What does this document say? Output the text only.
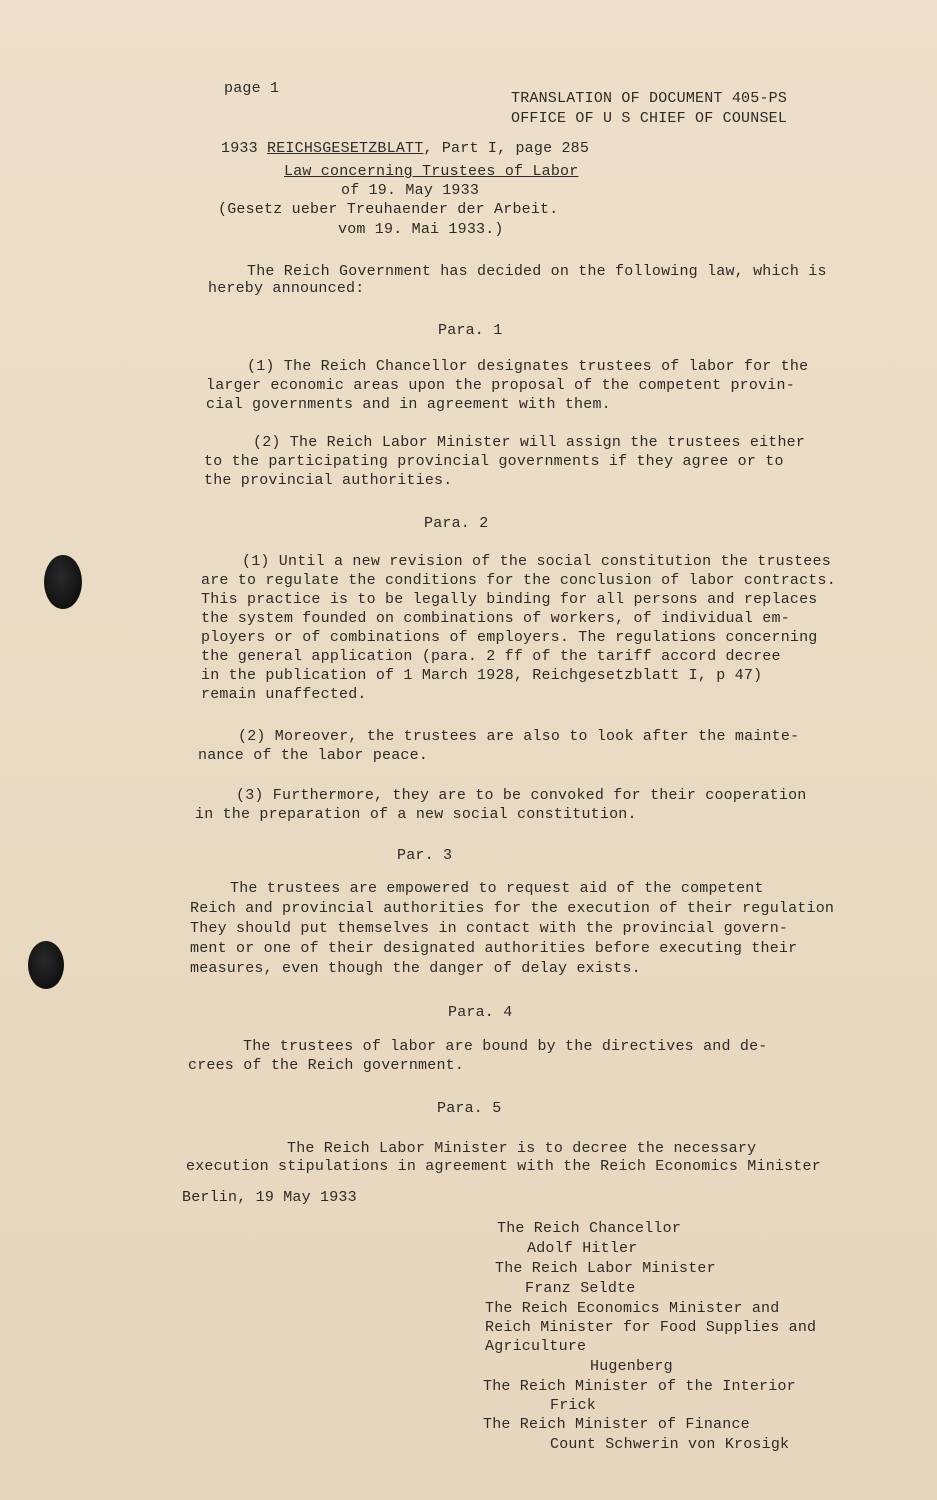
page 1
TRANSLATION OF DOCUMENT 405-PS
OFFICE OF U S CHIEF OF COUNSEL
1933 REICHSGESETZBLATT, Part I, page 285
Law concerning Trustees of Labor
of 19. May 1933
(Gesetz ueber Treuhaender der Arbeit.
vom 19. Mai 1933.)
The Reich Government has decided on the following law, which is
hereby announced:
Para. 1
(1) The Reich Chancellor designates trustees of labor for the
larger economic areas upon the proposal of the competent provin-
cial governments and in agreement with them.
(2) The Reich Labor Minister will assign the trustees either
to the participating provincial governments if they agree or to
the provincial authorities.
Para. 2
(1) Until a new revision of the social constitution the trustees
are to regulate the conditions for the conclusion of labor contracts.
This practice is to be legally binding for all persons and replaces
the system founded on combinations of workers, of individual em-
ployers or of combinations of employers. The regulations concerning
the general application (para. 2 ff of the tariff accord decree
in the publication of 1 March 1928, Reichgesetzblatt I, p 47)
remain unaffected.
(2) Moreover, the trustees are also to look after the mainte-
nance of the labor peace.
(3) Furthermore, they are to be convoked for their cooperation
in the preparation of a new social constitution.
Par. 3
The trustees are empowered to request aid of the competent
Reich and provincial authorities for the execution of their regulation
They should put themselves in contact with the provincial govern-
ment or one of their designated authorities before executing their
measures, even though the danger of delay exists.
Para. 4
The trustees of labor are bound by the directives and de-
crees of the Reich government.
Para. 5
The Reich Labor Minister is to decree the necessary
execution stipulations in agreement with the Reich Economics Minister
Berlin, 19 May 1933
The Reich Chancellor
Adolf Hitler
The Reich Labor Minister
Franz Seldte
The Reich Economics Minister and
Reich Minister for Food Supplies and
Agriculture
Hugenberg
The Reich Minister of the Interior
Frick
The Reich Minister of Finance
Count Schwerin von Krosigk
